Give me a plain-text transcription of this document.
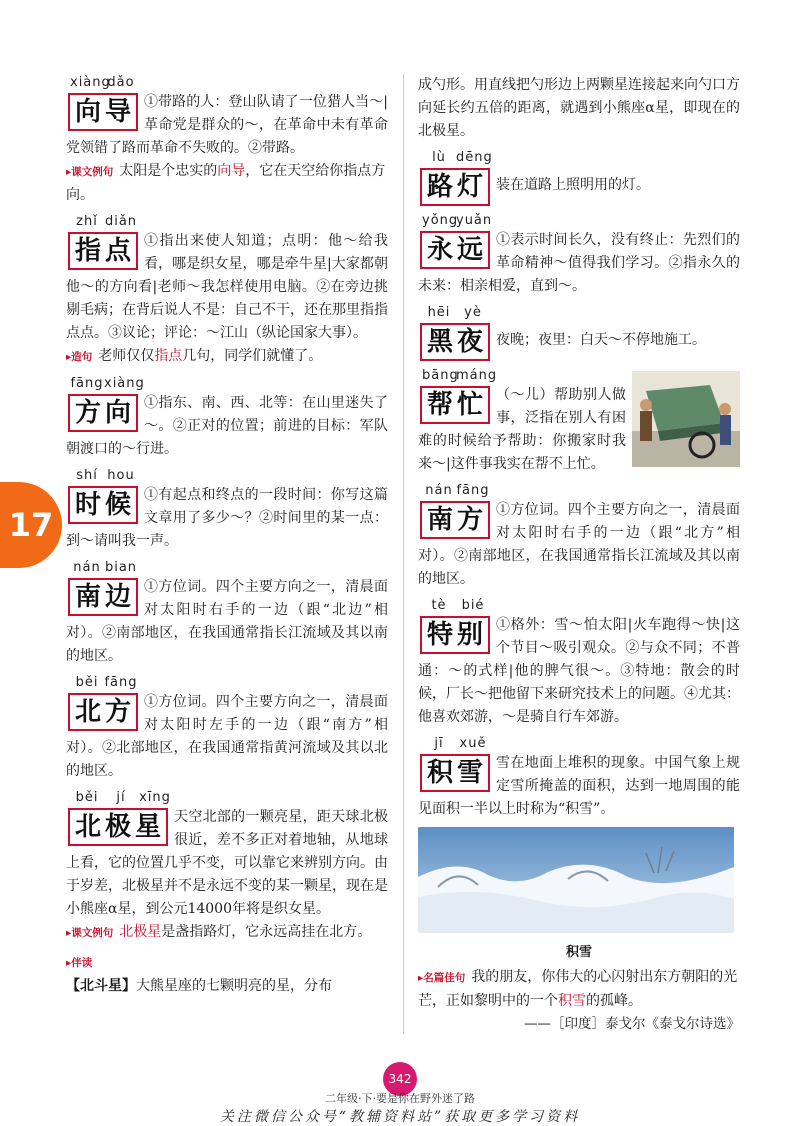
17
xiàngdǎo
向 导 ①带路的人：登山队请了一位猎人当～|革命党是群众的～，在革命中未有革命党领错了路而革命不失败的。②带路。
▸课文例句 太阳是个忠实的向导，它在天空给你指点方向。
zhǐ diǎn
指 点 ①指出来使人知道；点明：他～给我看，哪是织女星，哪是牵牛星|大家都朝他～的方向看|老师～我怎样使用电脑。②在旁边挑剔毛病；在背后说人不是：自己不干，还在那里指指点点。③议论；评论：～江山（纵论国家大事）。
▸造句 老师仅仅指点几句，同学们就懂了。
fāngxiàng
方 向 ①指东、南、西、北等：在山里迷失了～。②正对的位置；前进的目标：军队朝渡口的～行进。
shí hou
时 候 ①有起点和终点的一段时间：你写这篇文章用了多少～？②时间里的某一点：到～请叫我一声。
nán bian
南 边 ①方位词。四个主要方向之一，清晨面对太阳时右手的一边（跟“北边”相对）。②南部地区，在我国通常指长江流域及其以南的地区。
běi fāng
北 方 ①方位词。四个主要方向之一，清晨面对太阳时左手的一边（跟“南方”相对）。②北部地区，在我国通常指黄河流域及其以北的地区。
běi jí xīng
北 极 星 天空北部的一颗亮星，距天球北极很近，差不多正对着地轴，从地球上看，它的位置几乎不变，可以靠它来辨别方向。由于岁差，北极星并不是永远不变的某一颗星，现在是小熊座α星，到公元14000年将是织女星。
▸课文例句 北极星是盏指路灯，它永远高挂在北方。
▸伴读
【北斗星】大熊星座的七颗明亮的星，分布
成勺形。用直线把勺形边上两颗星连接起来向勺口方向延长约五倍的距离，就遇到小熊座α星，即现在的北极星。
lù dēng
路 灯 装在道路上照明用的灯。
yǒngyuǎn
永 远 ①表示时间长久，没有终止：先烈们的革命精神～值得我们学习。②指永久的未来：相亲相爱，直到～。
hēi yè
黑 夜 夜晚；夜里：白天～不停地施工。
bāngmáng
帮 忙 （～儿）帮助别人做事，泛指在别人有困难的时候给予帮助：你搬家时我来～|这件事我实在帮不上忙。
nán fāng
南 方 ①方位词。四个主要方向之一，清晨面对太阳时右手的一边（跟“北方”相对）。②南部地区，在我国通常指长江流域及其以南的地区。
tè bié
特 别 ①格外：雪～怕太阳|火车跑得～快|这个节目～吸引观众。②与众不同；不普通：～的式样|他的脾气很～。③特地：散会的时候，厂长～把他留下来研究技术上的问题。④尤其：他喜欢郊游，～是骑自行车郊游。
jī xuě
积 雪 雪在地面上堆积的现象。中国气象上规定雪所掩盖的面积，达到一地周围的能见面积一半以上时称为“积雪”。
积雪
▸名篇佳句 我的朋友，你伟大的心闪射出东方朝阳的光芒，正如黎明中的一个积雪的孤峰。
——［印度］泰戈尔《泰戈尔诗选》
342
二年级·下·要是你在野外迷了路
关注微信公众号“教辅资料站”获取更多学习资料
